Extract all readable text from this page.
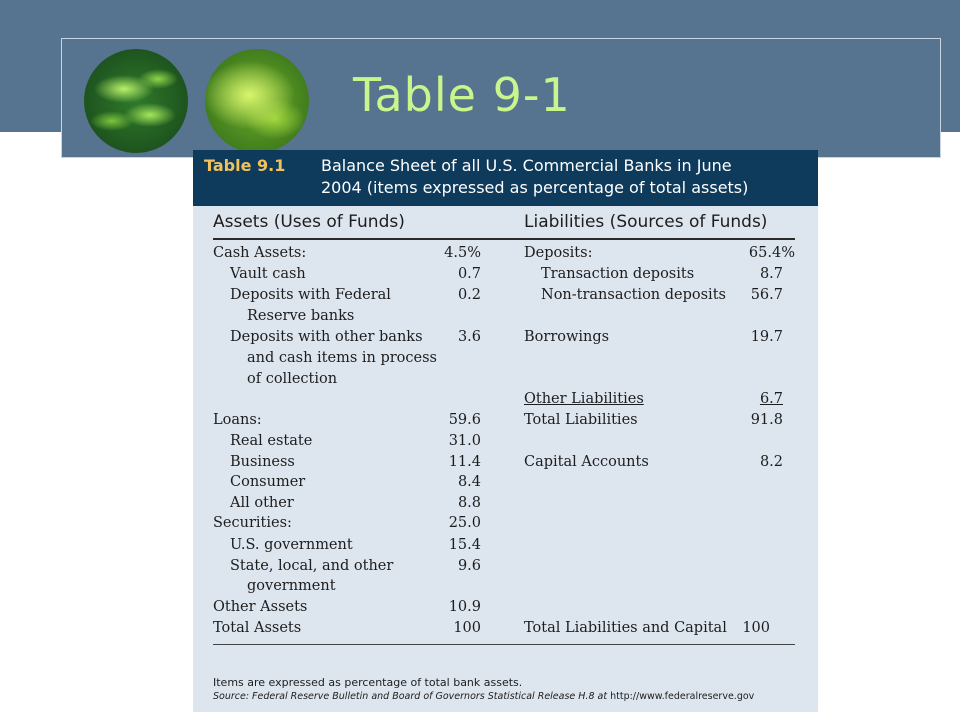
Table 9-1
Table 9.1 Balance Sheet of all U.S. Commercial Banks in June
2004 (items expressed as percentage of total assets)
Assets (Uses of Funds)	Liabilities (Sources of Funds)
Cash Assets:	4.5%
Vault cash	0.7
Deposits with Federal	0.2
Reserve banks
Deposits with other banks	3.6
and cash items in process
of collection
Loans:	59.6
Real estate	31.0
Business	11.4
Consumer	8.4
All other	8.8
Securities:	25.0
U.S. government	15.4
State, local, and other	9.6
government
Other Assets	10.9
Total Assets	100
Deposits:	65.4%
Transaction deposits	8.7
Non-transaction deposits	56.7
Borrowings	19.7
Other Liabilities	6.7
Total Liabilities	91.8
Capital Accounts	8.2
Total Liabilities and Capital	100
Items are expressed as percentage of total bank assets.
Source: Federal Reserve Bulletin and Board of Governors Statistical Release H.8 at http://www.federalreserve.gov
